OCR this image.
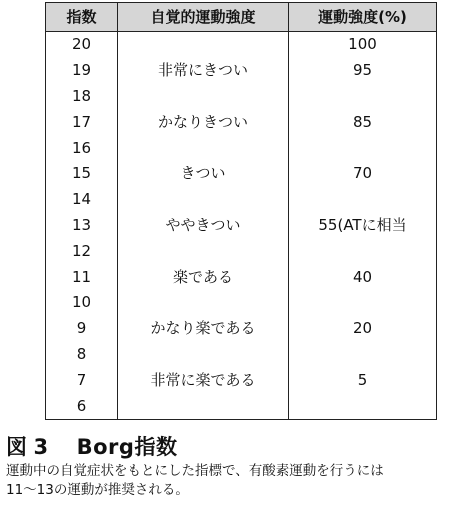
指数	自覚的運動強度	運動強度(%)
20		100
19	非常にきつい	95
18		
17	かなりきつい	85
16		
15	きつい	70
14		
13	ややきつい	55(ATに相当
12		
11	楽である	40
10		
9	かなり楽である	20
8		
7	非常に楽である	5
6		
図 3 Borg指数
運動中の自覚症状をもとにした指標で、有酸素運動を行うには
11〜13の運動が推奨される。
